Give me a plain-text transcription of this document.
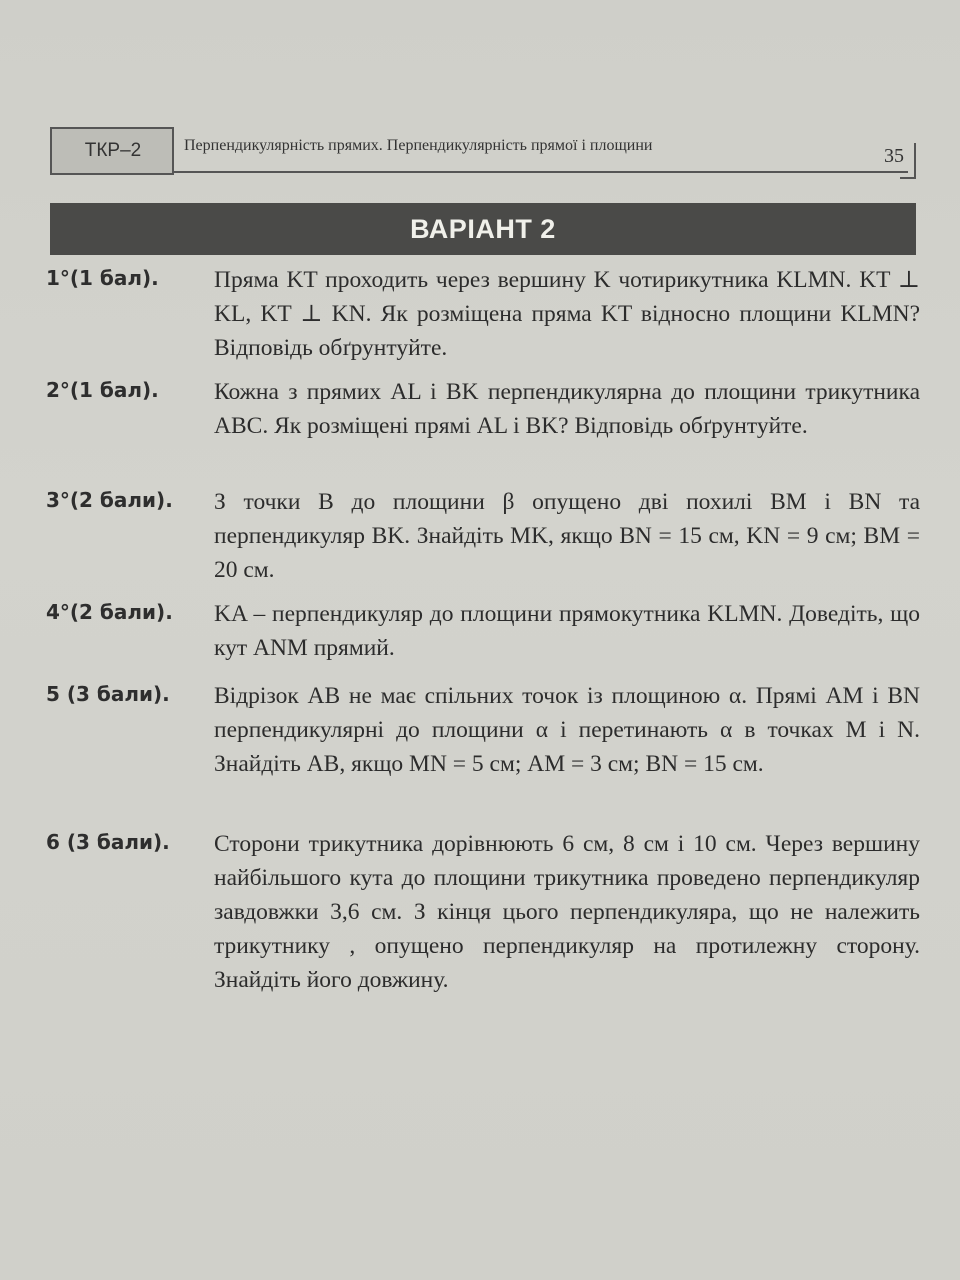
ТКР–2	Перпендикулярність прямих. Перпендикулярність прямої і площини	35
ВАРІАНТ 2
1°(1 бал). Пряма KT проходить через вершину K чотирикутника KLMN. KT ⊥ KL, KT ⊥ KN. Як розміщена пряма KT відносно площини KLMN? Відповідь обґрунтуйте.
2°(1 бал). Кожна з прямих AL і BK перпендикулярна до площини трикутника ABC. Як розміщені прямі AL і BK? Відповідь обґрунтуйте.
3°(2 бали). З точки B до площини β опущено дві похилі BM і BN та перпендикуляр BK. Знайдіть MK, якщо BN = 15 см, KN = 9 см; BM = 20 см.
4°(2 бали). KA – перпендикуляр до площини прямокутника KLMN. Доведіть, що кут ANM прямий.
5 (3 бали). Відрізок AB не має спільних точок із площиною α. Прямі AM і BN перпендикулярні до площини α і перетинають α в точках M і N. Знайдіть AB, якщо MN = 5 см; AM = 3 см; BN = 15 см.
6 (3 бали). Сторони трикутника дорівнюють 6 см, 8 см і 10 см. Через вершину найбільшого кута до площини трикутника проведено перпендикуляр завдовжки 3,6 см. З кінця цього перпендикуляра, що не належить трикутнику , опущено перпендикуляр на протилежну сторону. Знайдіть його довжину.
